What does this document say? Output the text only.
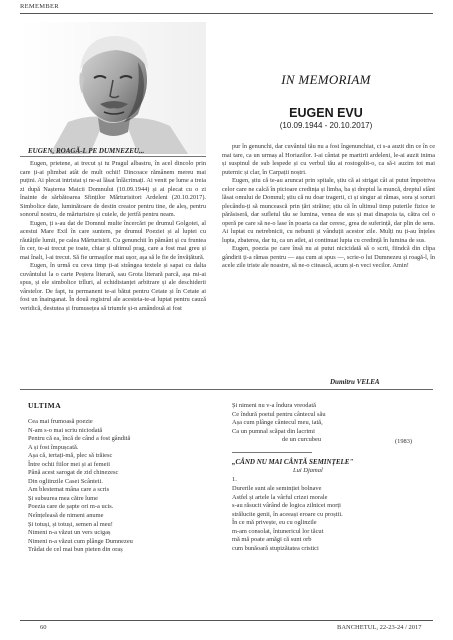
REMEMBER
IN MEMORIAM
EUGEN EVU
(10.09.1944 - 20.10.2017)
EUGEN, ROAGĂ-L PE DUMNEZEU...

Eugen, prietene, ai trecut și tu Pragul albastru, în acel dincolo prin care ți-ai plimbat atât de mult ochii! Dincoace rămânem mereu mai puțini. Ai plecat intristat și ne-ai lăsat înlăcrimați. Ai venit pe lume a treia zi după Nașterea Maicii Domnului (10.09.1944) și ai plecat cu o zi înainte de sărbătoarea Sfinților Mărturisitori Ardeleni (20.10.2017). Simbolice date, luminătoare de destin creator pentru tine, de aleș, pentru sonorul nostru, de mărturisire și cuiele, de jertfă pentru neam.

Eugen, ți s-au dat de Domnul multe încercări pe drumul Golgotei, al acestui Mare Exil în care suntem, pe drumul Poeziei și al luptei cu răutățile lumii, pe calea Mărturisirii. Cu genunchii în pământ și cu fruntea în cer, te-ai trecut pe toate, chiar și ultimul prag, care a fost mai greu și mai înalt, l-ai trecut. Să fie urmașilor mai ușor, așa să le fie de învățătură.

Eugen, în urmă cu ceva timp ți-ai strângea textele și sapai cu dalta cuvântului la o carte Peștera literară, sau Grota literară parcă, așa mi-ai spus, și ele simbolice trlluri, al echidistanței arbitrare și ale deschiderii vârstelor. De fapt, tu permanent te-ai bătut pentru Cetate și în Cetate ai fost un înainganat. În două registrul ale acesteia-te-ai luptat pentru cauză veridică, destutea și frumusețea să triumfe și-n amândouă ai fost

pur în genunchi, dar cuvântul tău nu a fost îngenunchiat, ci s-a auzit din ce în ce mai tare, ca un urmaș al Horiazilor. I-ai cântat pe martirii ardeleni, le-ai auzit inima și suspinul de sub lespede și cu verbul tău ai rostogolit-o, ca să-i auzim tot mai puternic și clar, în Carpații noștri.

Eugen, știu că te-au aruncat prin spitale, știu că ai strigat cât ai putut împotriva celor care ne calcă în picioare credința și limba, ba și dreptul la muncă, dreptul sfânt lăsat omului de Domnul; știu că nu doar tragerii, ci și singur ai rămas, sora și soruri plecându-ți să muncească prin țări străine; știu că în ultimul timp puterile fizice te părăsiseră, dar sufletul tău se lumina, venea de sus și mai dinapoia ta, cătra cel o operă pe care să ne-o lase în poarta ca dar ceresc, grea de suferință, dar plin de sens. Ai luptat cu netrebnicii, cu nebunii și vânduții acestor zile. Mulți nu ți-au înțeles lupta, zbaterea, dar tu, ca un atlet, ai continuat lupta cu credință în lumina de sus.

Eugen, poezia pe care însă nu ai putut nicicidată să o scrii, fiindcă din clipa gândirii ți-a rămas pentru — așa cum ai spus —, scrie-o lui Dumnezeu și roagă-l, în acele zile triste ale noastre, să ne-o citească, acum și-n veci vecilor. Amin!

Dumitru VELEA
ULTIMA
Cea mai frumoasă poezie
N-am s-o mai scriu niciodată
Pentru că ea, încă de când a fost gândită
A și fost împușcată.
Așa că, iertați-mă, plec să trăiesc
Între ochii fiilor mei și ai femeii
Până acest sarogat de zid chinezesc
Din ogliinzile Casei Scânteii.
Am blestemat mâna care a scris
Și subsurea mea către lume
Poezia care de șapte ori m-a ucis.
Neînțeleasă de nimeni anume
Și totuși, și totuși, semen al meu!
Nimeni n-a văzut un vers ucigaș
Nimeni n-a văzut cum plânge Dumnezeu
Trădat de cel mai bun pieten din oraș
Și nimeni nu v-a îndura vreodată
Ce îndură poetul pentru cântecul său
Așa cum plânge cântecul meu, iată,
Ca un pumnal scăpat din lacrimi
de un curcubeu	(1983)
„CÂND NU MAI CÂNTĂ SEMINȚELE"
Lui Djamal
1.
Durerile sunt ale seminției bolnave
Astfel și artele la vârful crizei morale
s-au răsucit vârând de logica zilnicei morți
strălucite genii, în aceeași eroare cu proștii.
În ce mă privește, eu cu oglinzile
m-am consolat, întunericul lor tăcut
mă mă poate amăgi că sunt orb
cum bunăoară stupizătatea cristici
60	BANCHETUL, 22-23-24 / 2017
